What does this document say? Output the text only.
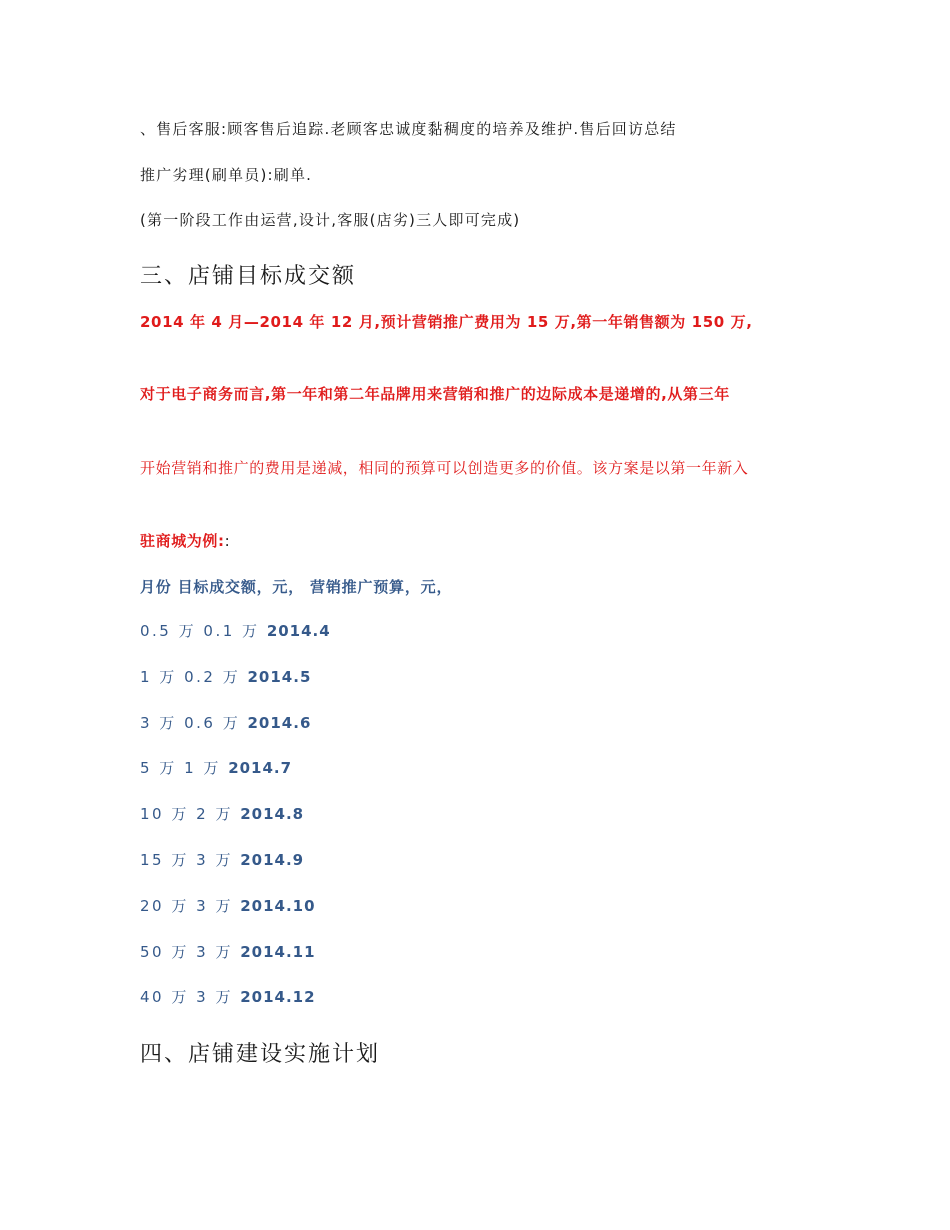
、售后客服:顾客售后追踪.老顾客忠诚度黏稠度的培养及维护.售后回访总结
推广劣理(刷单员):刷单.
(第一阶段工作由运营,设计,客服(店劣)三人即可完成)
三、店铺目标成交额
2014 年 4 月—2014 年 12 月,预计营销推广费用为 15 万,第一年销售额为 150 万,
对于电子商务而言,第一年和第二年品牌用来营销和推广的边际成本是递增的,从第三年
开始营销和推广的费用是递减，相同的预算可以创造更多的价值。该方案是以第一年新入
驻商城为例::
月份 目标成交额，元， 营销推广预算，元，
0.5 万 0.1 万 2014.4
1 万 0.2 万 2014.5
3 万 0.6 万 2014.6
5 万 1 万 2014.7
10 万 2 万 2014.8
15 万 3 万 2014.9
20 万 3 万 2014.10
50 万 3 万 2014.11
40 万 3 万 2014.12
四、店铺建设实施计划
